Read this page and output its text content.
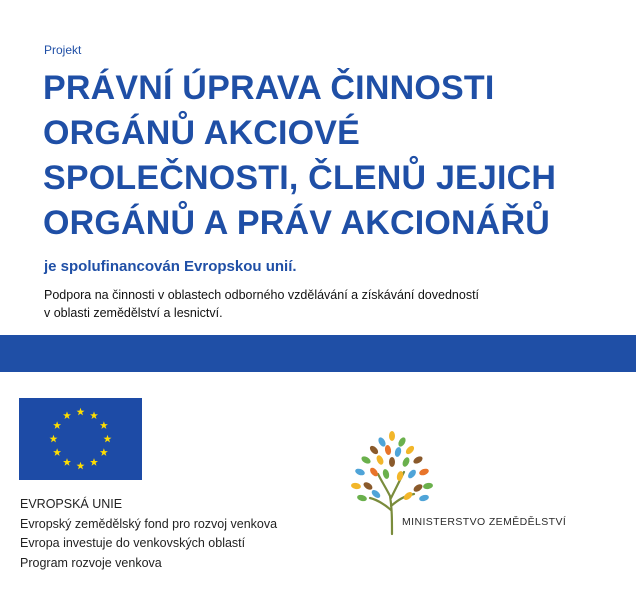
Projekt
PRÁVNÍ ÚPRAVA ČINNOSTI
ORGÁNŮ AKCIOVÉ
SPOLEČNOSTI, ČLENŮ JEJICH
ORGÁNŮ A PRÁV AKCIONÁŘŮ
je spolufinancován Evropskou unií.
Podpora na činnosti v oblastech odborného vzdělávání a získávání dovedností
v oblasti zemědělství a lesnictví.
EVROPSKÁ UNIE
Evropský zemědělský fond pro rozvoj venkova
Evropa investuje do venkovských oblastí
Program rozvoje venkova
MINISTERSTVO ZEMĚDĚLSTVÍ
